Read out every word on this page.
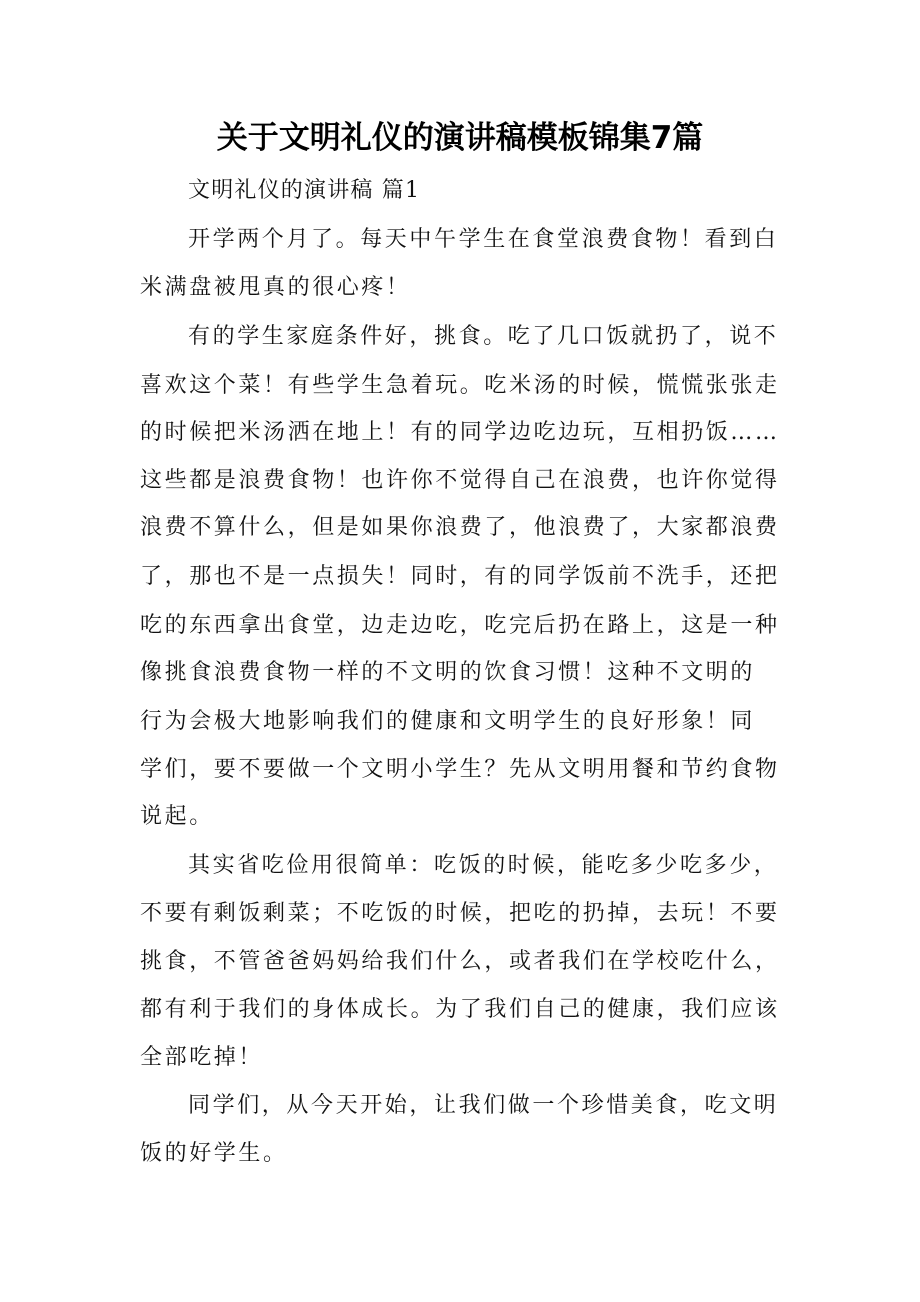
关于文明礼仪的演讲稿模板锦集7篇
文明礼仪的演讲稿 篇1
开学两个月了。每天中午学生在食堂浪费食物！看到白
米满盘被甩真的很心疼！
有的学生家庭条件好，挑食。吃了几口饭就扔了，说不
喜欢这个菜！有些学生急着玩。吃米汤的时候，慌慌张张走
的时候把米汤洒在地上！有的同学边吃边玩，互相扔饭……
这些都是浪费食物！也许你不觉得自己在浪费，也许你觉得
浪费不算什么，但是如果你浪费了，他浪费了，大家都浪费
了，那也不是一点损失！同时，有的同学饭前不洗手，还把
吃的东西拿出食堂，边走边吃，吃完后扔在路上，这是一种
像挑食浪费食物一样的不文明的饮食习惯！这种不文明的
行为会极大地影响我们的健康和文明学生的良好形象！同
学们，要不要做一个文明小学生？先从文明用餐和节约食物
说起。
其实省吃俭用很简单：吃饭的时候，能吃多少吃多少，
不要有剩饭剩菜；不吃饭的时候，把吃的扔掉，去玩！不要
挑食，不管爸爸妈妈给我们什么，或者我们在学校吃什么，
都有利于我们的身体成长。为了我们自己的健康，我们应该
全部吃掉！
同学们，从今天开始，让我们做一个珍惜美食，吃文明
饭的好学生。
